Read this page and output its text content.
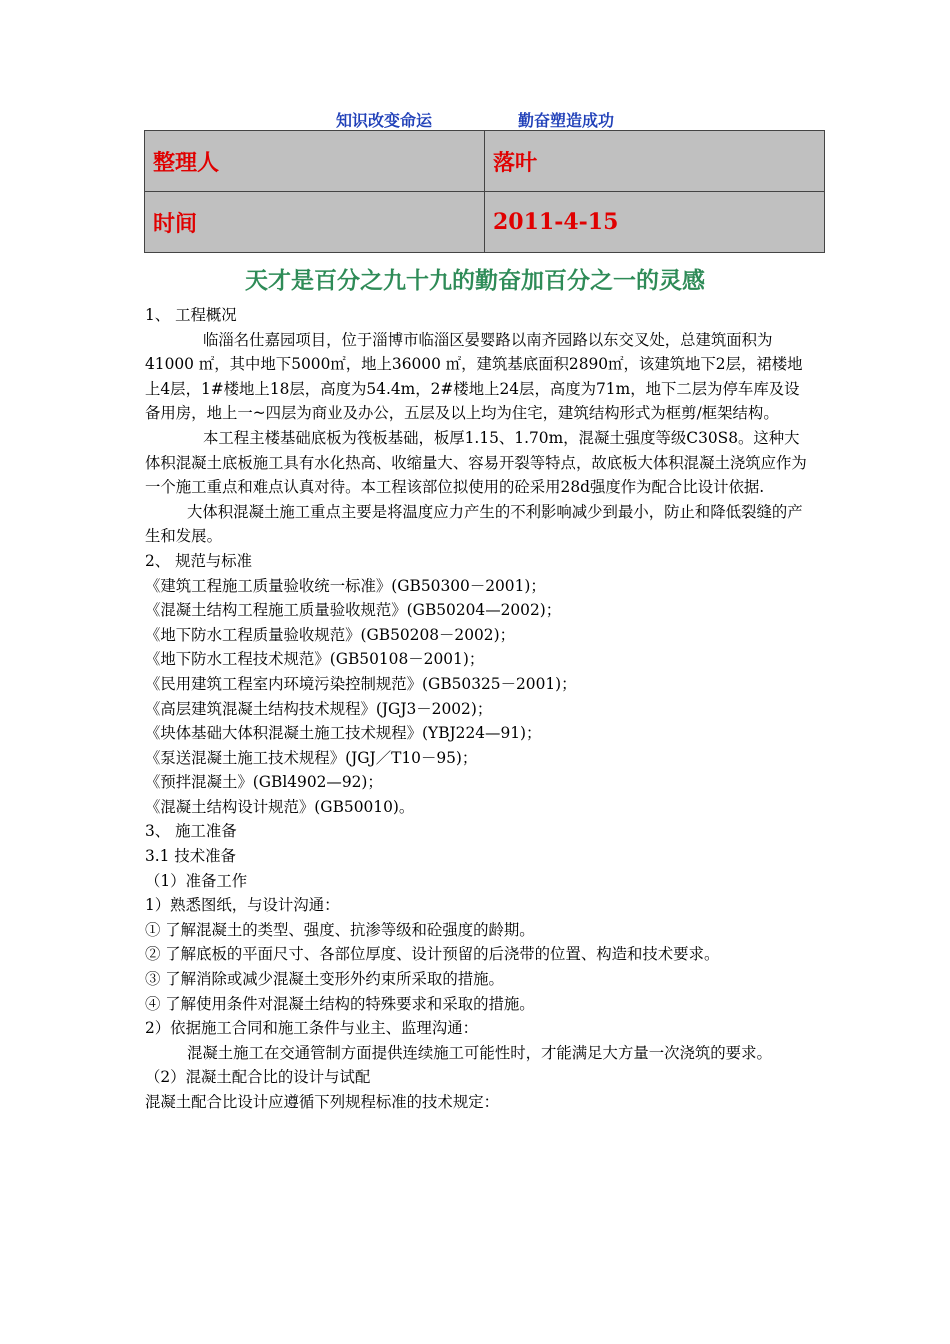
知识改变命运	勤奋塑造成功
整理人	落叶
时间	2011-4-15
天才是百分之九十九的勤奋加百分之一的灵感

1、 工程概况

临淄名仕嘉园项目，位于淄博市临淄区晏婴路以南齐园路以东交叉处，总建筑面积为41000 ㎡，其中地下5000㎡，地上36000 ㎡，建筑基底面积2890㎡，该建筑地下2层，裙楼地上4层，1#楼地上18层，高度为54.4m，2#楼地上24层，高度为71m，地下二层为停车库及设备用房，地上一~四层为商业及办公，五层及以上均为住宅，建筑结构形式为框剪/框架结构。

本工程主楼基础底板为筏板基础，板厚1.15、1.70m，混凝土强度等级C30S8。这种大体积混凝土底板施工具有水化热高、收缩量大、容易开裂等特点，故底板大体积混凝土浇筑应作为一个施工重点和难点认真对待。本工程该部位拟使用的砼采用28d强度作为配合比设计依据.

大体积混凝土施工重点主要是将温度应力产生的不利影响减少到最小，防止和降低裂缝的产生和发展。

2、 规范与标准

《建筑工程施工质量验收统一标准》(GB50300－2001)；

《混凝土结构工程施工质量验收规范》(GB50204—2002)；

《地下防水工程质量验收规范》(GB50208－2002)；

《地下防水工程技术规范》(GB50108－2001)；

《民用建筑工程室内环境污染控制规范》(GB50325－2001)；

《高层建筑混凝土结构技术规程》(JGJ3－2002)；

《块体基础大体积混凝土施工技术规程》(YBJ224—91)；

《泵送混凝土施工技术规程》(JGJ／T10－95)；

《预拌混凝土》(GBl4902—92)；

《混凝土结构设计规范》(GB50010)。

3、 施工准备

3.1 技术准备

（1）准备工作

1）熟悉图纸，与设计沟通：

① 了解混凝土的类型、强度、抗渗等级和砼强度的龄期。

② 了解底板的平面尺寸、各部位厚度、设计预留的后浇带的位置、构造和技术要求。

③ 了解消除或减少混凝土变形外约束所采取的措施。

④ 了解使用条件对混凝土结构的特殊要求和采取的措施。

2）依据施工合同和施工条件与业主、监理沟通：

混凝土施工在交通管制方面提供连续施工可能性时，才能满足大方量一次浇筑的要求。

（2）混凝土配合比的设计与试配

混凝土配合比设计应遵循下列规程标准的技术规定：
